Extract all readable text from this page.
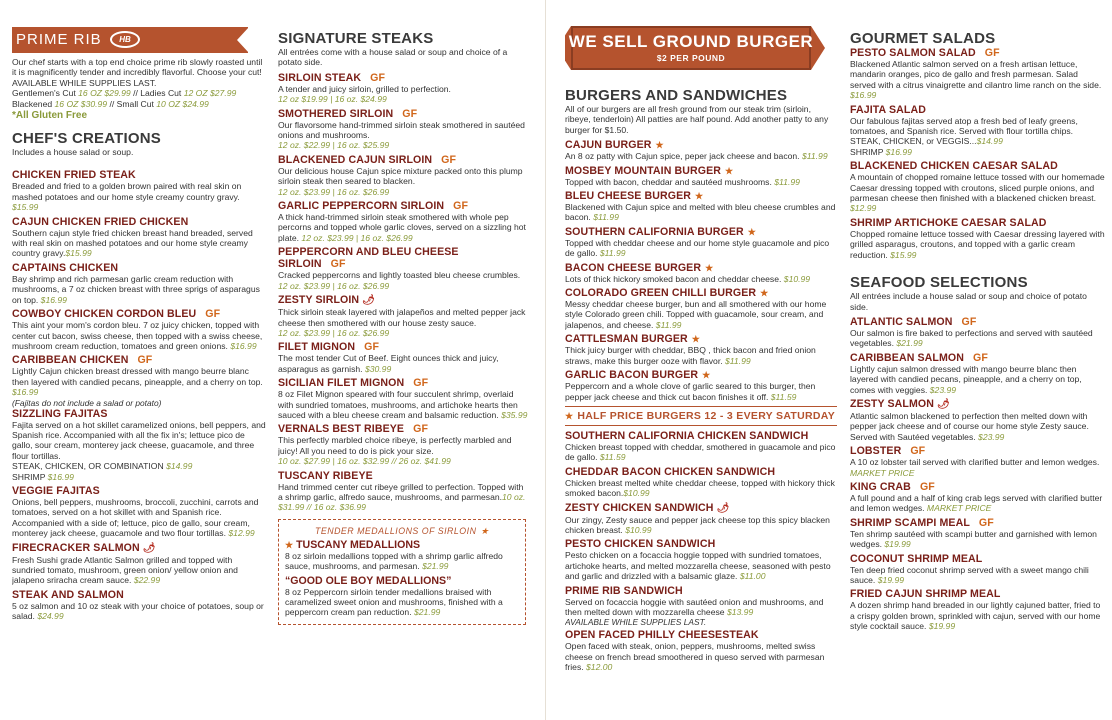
PRIME RIB	HB
Our chef starts with a top end choice prime rib slowly roasted until it is magnificently tender and incredibly flavorful. Choose your cut! AVAILABLE WHILE SUPPLIES LAST.
Gentlemen's Cut 16 OZ $29.99 // Ladies Cut 12 OZ $27.99
Blackened 16 OZ $30.99 // Small Cut 10 OZ $24.99
*All Gluten Free
CHEF'S CREATIONS
Includes a house salad or soup.
CHICKEN FRIED STEAK
Breaded and fried to a golden brown paired with real skin on mashed potatoes and our home style creamy country gravy. $15.99
CAJUN CHICKEN FRIED CHICKEN
Southern cajun style fried chicken breast hand breaded, served with real skin on mashed potatoes and our home style creamy country gravy.$15.99
CAPTAINS CHICKEN
Bay shrimp and rich parmesan garlic cream reduction with mushrooms, a 7 oz chicken breast with three sprigs of asparagus on top. $16.99
COWBOY CHICKEN CORDON BLEU GF
This aint your mom's cordon bleu. 7 oz juicy chicken, topped with center cut bacon, swiss cheese, then topped with a swiss cheese, mushroom cream reduction, tomatoes and green onions. $16.99
CARIBBEAN CHICKEN GF
Lightly Cajun chicken breast dressed with mango beurre blanc then layered with candied pecans, pineapple, and a cherry on top. $16.99
(Fajitas do not include a salad or potato)
SIZZLING FAJITAS
Fajita served on a hot skillet caramelized onions, bell peppers, and Spanish rice. Accompanied with all the fix in's; lettuce pico de gallo, sour cream, monterey jack cheese, guacamole, and three flour tortillas.
STEAK, CHICKEN, OR COMBINATION $14.99
SHRIMP $16.99
VEGGIE FAJITAS
Onions, bell peppers, mushrooms, broccoli, zucchini, carrots and tomatoes, served on a hot skillet with and Spanish rice. Accompanied with a side of; lettuce, pico de gallo, sour cream, monterey jack cheese, guacamole and two flour tortillas. $12.99
FIRECRACKER SALMON 🌶
Fresh Sushi grade Atlantic Salmon grilled and topped with sundried tomato, mushroom, green onion/ yellow onion and jalapeno sriracha cream sauce. $22.99
STEAK AND SALMON
5 oz salmon and 10 oz steak with your choice of potatoes, soup or salad. $24.99
SIGNATURE STEAKS
All entrées come with a house salad or soup and choice of a potato side.
SIRLOIN STEAK GF
A tender and juicy sirloin, grilled to perfection.
12 oz $19.99 | 16 oz. $24.99
SMOTHERED SIRLOIN GF
Our flavorsome hand-trimmed sirloin steak smothered in sautéed onions and mushrooms.
12 oz. $22.99 | 16 oz. $25.99
BLACKENED CAJUN SIRLOIN GF
Our delicious house Cajun spice mixture packed onto this plump sirloin steak then seared to blacken.
12 oz. $23.99 | 16 oz. $26.99
GARLIC PEPPERCORN SIRLOIN GF
A thick hand-trimmed sirloin steak smothered with whole pep percorns and topped whole garlic cloves, served on a sizzling hot plate. 12 oz. $23.99 | 16 oz. $26.99
PEPPERCORN AND BLEU CHEESE SIRLOIN GF
Cracked peppercorns and lightly toasted bleu cheese crumbles.
12 oz. $23.99 | 16 oz. $26.99
ZESTY SIRLOIN 🌶
Thick sirloin steak layered with jalapeños and melted pepper jack cheese then smothered with our house zesty sauce.
12 oz. $23.99 | 16 oz. $26.99
FILET MIGNON GF
The most tender Cut of Beef. Eight ounces thick and juicy, asparagus as garnish. $30.99
SICILIAN FILET MIGNON GF
8 oz Filet Mignon speared with four succulent shrimp, overlaid with sundried tomatoes, mushrooms, and artichoke hearts then sauced with a bleu cheese cream and balsamic reduction. $35.99
VERNALS BEST RIBEYE GF
This perfectly marbled choice ribeye, is perfectly marbled and juicy! All you need to do is pick your size.
10 oz. $27.99 | 16 oz. $32.99 // 26 oz. $41.99
TUSCANY RIBEYE
Hand trimmed center cut ribeye grilled to perfection. Topped with a shrimp garlic, alfredo sauce, mushrooms, and parmesan.10 oz. $31.99 // 16 oz. $36.99
TENDER MEDALLIONS OF SIRLOIN ★
★ TUSCANY MEDALLIONS
8 oz sirloin medallions topped with a shrimp garlic alfredo sauce, mushrooms, and parmesan. $21.99
“GOOD OLE BOY MEDALLIONS”
8 oz Peppercorn sirloin tender medallions braised with caramelized sweet onion and mushrooms, finished with a peppercorn cream pan reduction. $21.99
WE SELL GROUND BURGER
$2 PER POUND
BURGERS AND SANDWICHES
All of our burgers are all fresh ground from our steak trim (sirloin, ribeye, tenderloin) All patties are half pound. Add another patty to any burger for $1.50.
CAJUN BURGER ★
An 8 oz patty with Cajun spice, peper jack cheese and bacon. $11.99
MOSBEY MOUNTAIN BURGER ★
Topped with bacon, cheddar and sautéed mushrooms. $11.99
BLEU CHEESE BURGER ★
Blackened with Cajun spice and melted with bleu cheese crumbles and bacon. $11.99
SOUTHERN CALIFORNIA BURGER ★
Topped with cheddar cheese and our home style guacamole and pico de gallo. $11.99
BACON CHEESE BURGER ★
Lots of thick hickory smoked bacon and cheddar cheese. $10.99
COLORADO GREEN CHILLI BURGER ★
Messy cheddar cheese burger, bun and all smothered with our home style Colorado green chili. Topped with guacamole, sour cream, and jalapenos, and cheese. $11.99
CATTLESMAN BURGER ★
Thick juicy burger with cheddar, BBQ , thick bacon and fried onion straws, make this burger ooze with flavor. $11.99
GARLIC BACON BURGER ★
Peppercorn and a whole clove of garlic seared to this burger, then pepper jack cheese and thick cut bacon finishes it off. $11.59
★ HALF PRICE BURGERS 12 - 3 EVERY SATURDAY
SOUTHERN CALIFORNIA CHICKEN SANDWICH
Chicken breast topped with cheddar, smothered in guacamole and pico de gallo. $11.59
CHEDDAR BACON CHICKEN SANDWICH
Chicken breast melted white cheddar cheese, topped with hickory thick smoked bacon.$10.99
ZESTY CHICKEN SANDWICH 🌶
Our zingy, Zesty sauce and pepper jack cheese top this spicy blacken chicken breast. $10.99
PESTO CHICKEN SANDWICH
Pesto chicken on a focaccia hoggie topped with sundried tomatoes, artichoke hearts, and melted mozzarella cheese, seasoned with pesto and garlic and drizzled with a balsamic glaze. $11.00
PRIME RIB SANDWICH
Served on focaccia hoggie with sautéed onion and mushrooms, and then melted down with mozzarella cheese $13.99
AVAILABLE WHILE SUPPLIES LAST.
OPEN FACED PHILLY CHEESESTEAK
Open faced with steak, onion, peppers, mushrooms, melted swiss cheese on french bread smoothered in queso served with parmesan fries. $12.00
GOURMET SALADS
PESTO SALMON SALAD GF
Blackened Atlantic salmon served on a fresh artisan lettuce, mandarin oranges, pico de gallo and fresh parmesan. Salad served with a citrus vinaigrette and cilantro lime ranch on the side. $16.99
FAJITA SALAD
Our fabulous fajitas served atop a fresh bed of leafy greens, tomatoes, and Spanish rice. Served with flour tortilla chips.
STEAK, CHICKEN, or VEGGIS...$14.99
SHRIMP $16.99
BLACKENED CHICKEN CAESAR SALAD
A mountain of chopped romaine lettuce tossed with our homemade Caesar dressing topped with croutons, sliced purple onions, and parmesan cheese then finished with a blackened chicken breast. $12.99
SHRIMP ARTICHOKE CAESAR SALAD
Chopped romaine lettuce tossed with Caesar dressing layered with grilled asparagus, croutons, and topped with a garlic cream reduction. $15.99
SEAFOOD SELECTIONS
All entrées include a house salad or soup and choice of potato side.
ATLANTIC SALMON GF
Our salmon is fire baked to perfections and served with sautéed vegetables. $21.99
CARIBBEAN SALMON GF
Lightly cajun salmon dressed with mango beurre blanc then layered with candied pecans, pineapple, and a cherry on top, comes with veggies. $23.99
ZESTY SALMON 🌶
Atlantic salmon blackened to perfection then melted down with pepper jack cheese and of course our home style Zesty sauce. Served with Sautéed vegetables. $23.99
LOBSTER GF
A 10 oz lobster tail served with clarified butter and lemon wedges. MARKET PRICE
KING CRAB GF
A full pound and a half of king crab legs served with clarified butter and lemon wedges. MARKET PRICE
SHRIMP SCAMPI MEAL GF
Ten shrimp sautéed with scampi butter and garnished with lemon wedges. $19.99
COCONUT SHRIMP MEAL
Ten deep fried coconut shrimp served with a sweet mango chili sauce. $19.99
FRIED CAJUN SHRIMP MEAL
A dozen shrimp hand breaded in our lightly cajuned batter, fried to a crispy golden brown, sprinkled with cajun, served with our home style cocktail sauce. $19.99
